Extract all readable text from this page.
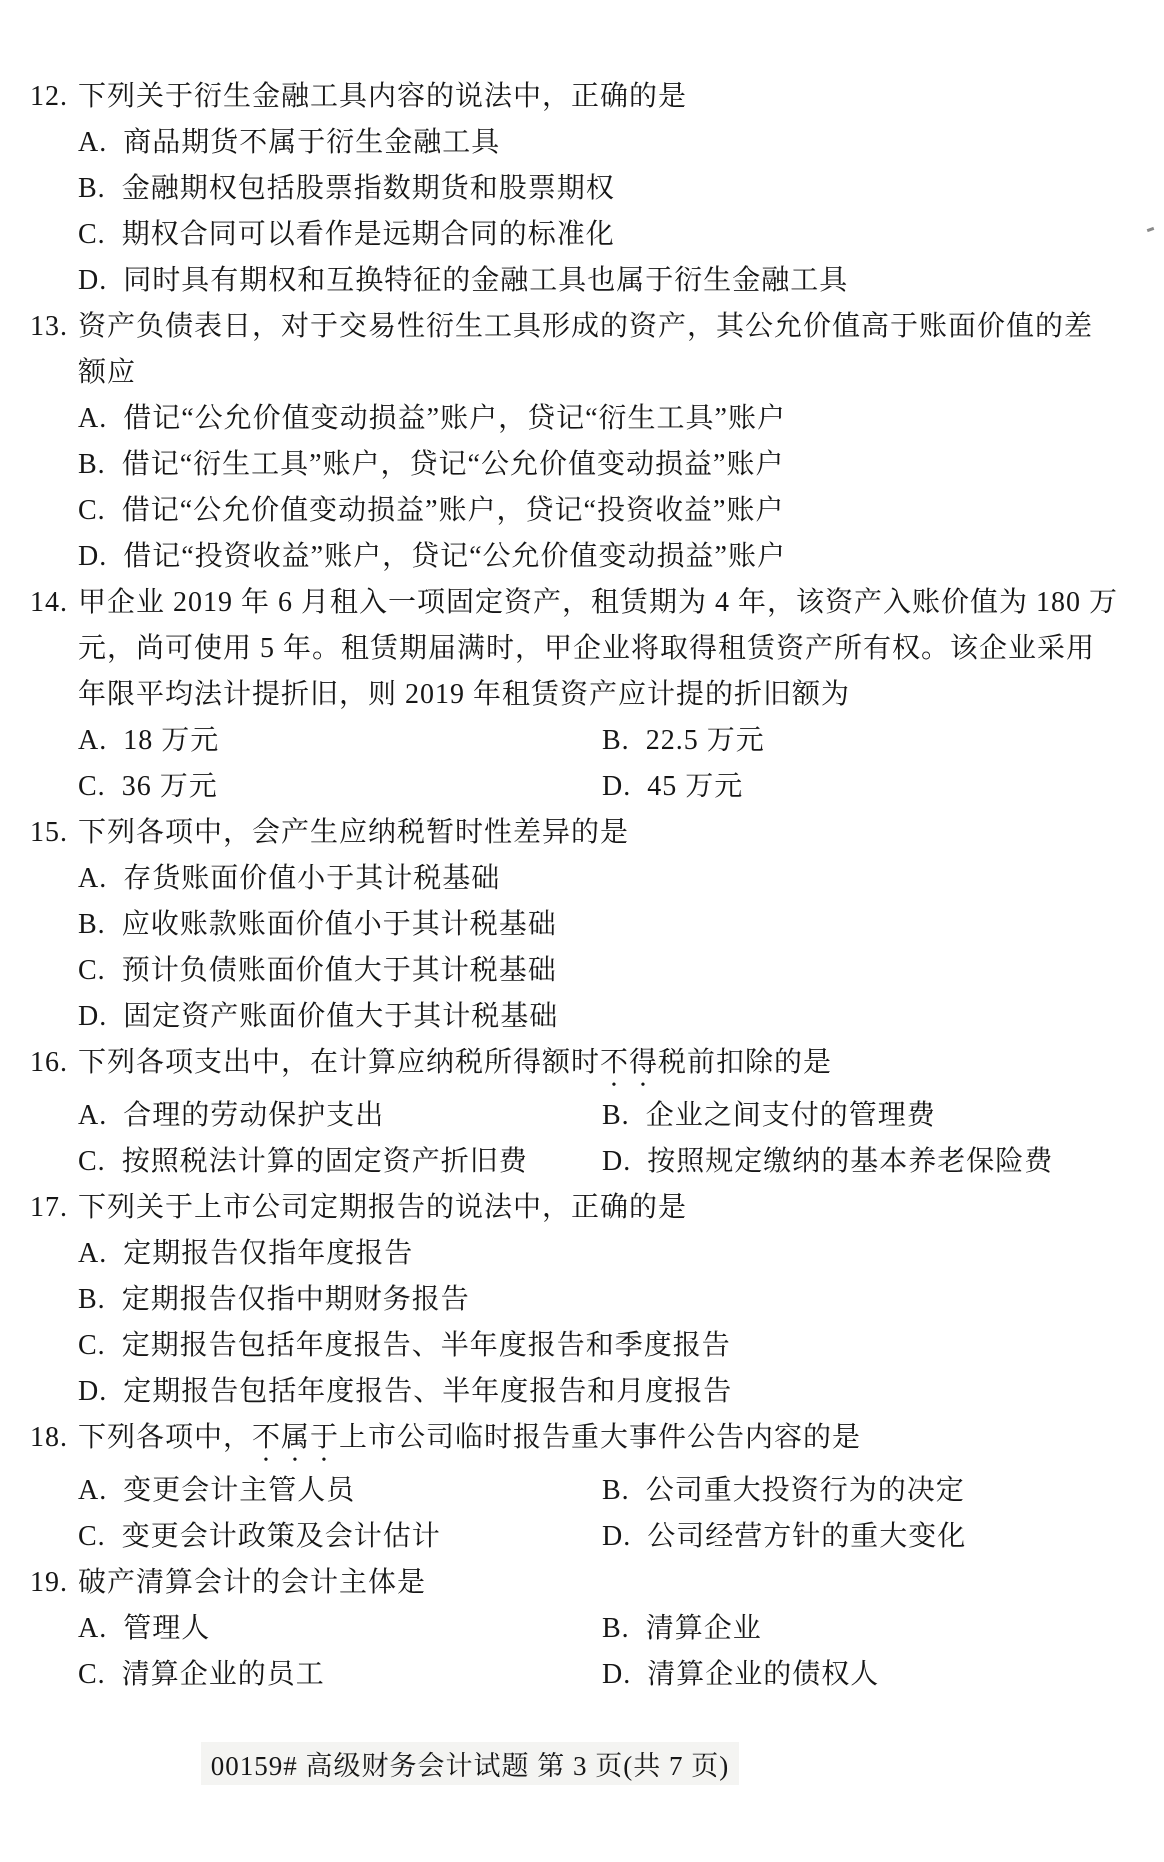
12. 下列关于衍生金融工具内容的说法中，正确的是
A. 商品期货不属于衍生金融工具
B. 金融期权包括股票指数期货和股票期权
C. 期权合同可以看作是远期合同的标准化
D. 同时具有期权和互换特征的金融工具也属于衍生金融工具
13. 资产负债表日，对于交易性衍生工具形成的资产，其公允价值高于账面价值的差额应
A. 借记“公允价值变动损益”账户，贷记“衍生工具”账户
B. 借记“衍生工具”账户，贷记“公允价值变动损益”账户
C. 借记“公允价值变动损益”账户，贷记“投资收益”账户
D. 借记“投资收益”账户，贷记“公允价值变动损益”账户
14. 甲企业 2019 年 6 月租入一项固定资产，租赁期为 4 年，该资产入账价值为 180 万元，尚可使用 5 年。租赁期届满时，甲企业将取得租赁资产所有权。该企业采用年限平均法计提折旧，则 2019 年租赁资产应计提的折旧额为
A. 18 万元	B. 22.5 万元
C. 36 万元	D. 45 万元
15. 下列各项中，会产生应纳税暂时性差异的是
A. 存货账面价值小于其计税基础
B. 应收账款账面价值小于其计税基础
C. 预计负债账面价值大于其计税基础
D. 固定资产账面价值大于其计税基础
16. 下列各项支出中，在计算应纳税所得额时不得税前扣除的是
A. 合理的劳动保护支出	B. 企业之间支付的管理费
C. 按照税法计算的固定资产折旧费	D. 按照规定缴纳的基本养老保险费
17. 下列关于上市公司定期报告的说法中，正确的是
A. 定期报告仅指年度报告
B. 定期报告仅指中期财务报告
C. 定期报告包括年度报告、半年度报告和季度报告
D. 定期报告包括年度报告、半年度报告和月度报告
18. 下列各项中，不属于上市公司临时报告重大事件公告内容的是
A. 变更会计主管人员	B. 公司重大投资行为的决定
C. 变更会计政策及会计估计	D. 公司经营方针的重大变化
19. 破产清算会计的会计主体是
A. 管理人	B. 清算企业
C. 清算企业的员工	D. 清算企业的债权人
00159# 高级财务会计试题 第 3 页(共 7 页)
